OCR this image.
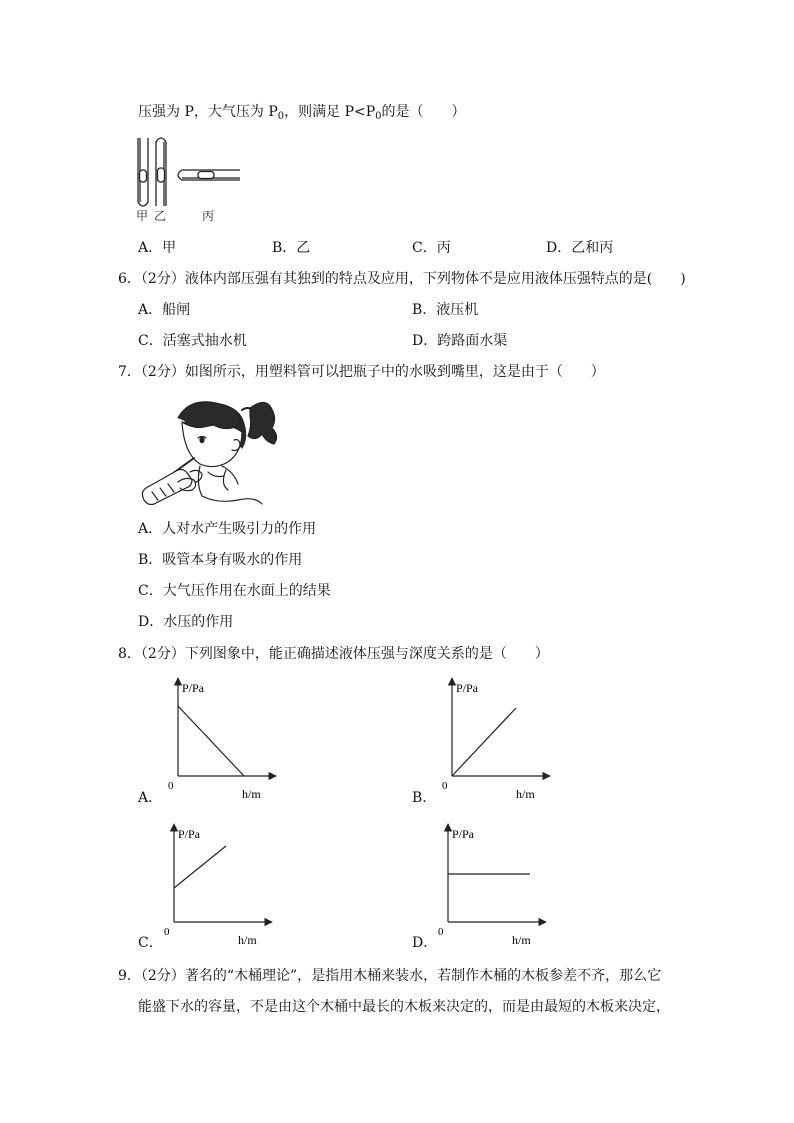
压强为 P，大气压为 $P_0$，则满足 $P<P_0$的是（　　）
甲 乙	丙
A．甲	B．乙	C．丙	D．乙和丙
6．（2分）液体内部压强有其独到的特点及应用，下列物体不是应用液体压强特点的是(　　)
A．船闸	B．液压机
C．活塞式抽水机	D．跨路面水渠
7．（2分）如图所示，用塑料管可以把瓶子中的水吸到嘴里，这是由于（　　）
A．人对水产生吸引力的作用
B．吸管本身有吸水的作用
C．大气压作用在水面上的结果
D．水压的作用
8．（2分）下列图象中，能正确描述液体压强与深度关系的是（　　）
A．
P/Pa
h/m
0
B．
P/Pa
h/m
0
C．
P/Pa
h/m
0
D．
P/Pa
h/m
0
9．（2分）著名的“木桶理论”，是指用木桶来装水，若制作木桶的木板参差不齐，那么它
能盛下水的容量，不是由这个木桶中最长的木板来决定的，而是由最短的木板来决定，
